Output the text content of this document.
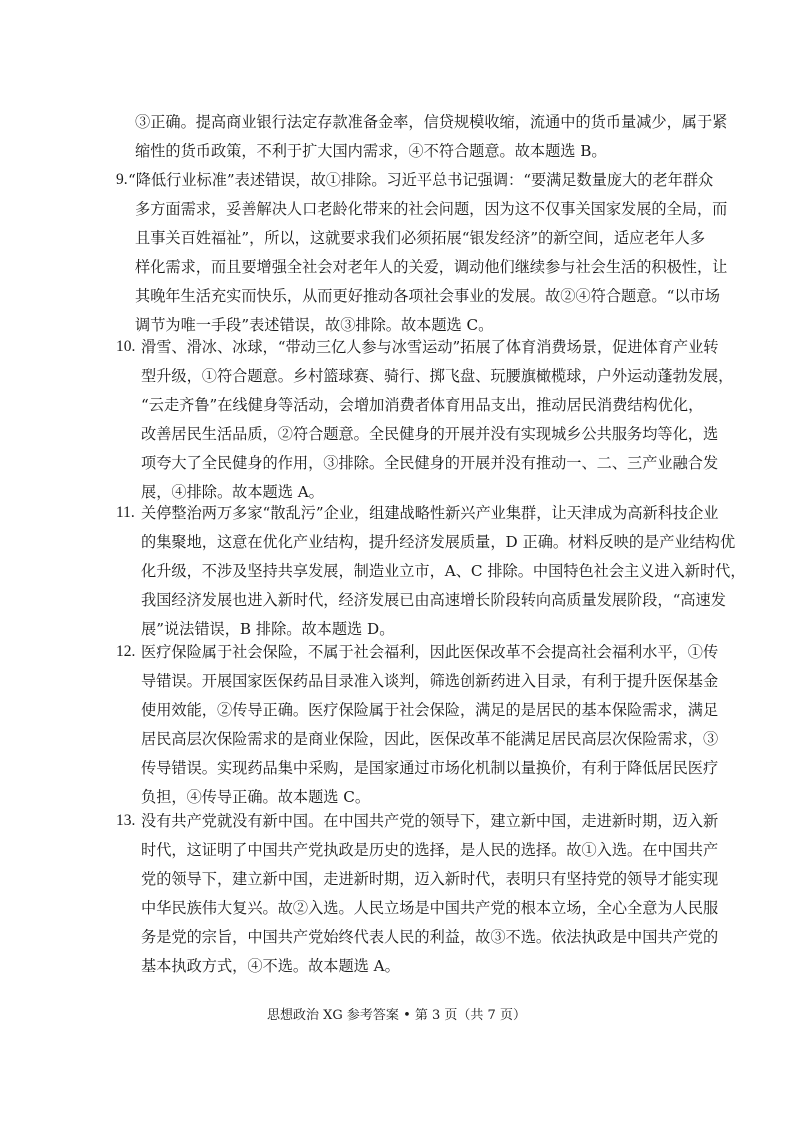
③正确。提高商业银行法定存款准备金率，信贷规模收缩，流通中的货币量减少，属于紧
缩性的货币政策，不利于扩大国内需求，④不符合题意。故本题选 B。
9. “降低行业标准”表述错误，故①排除。习近平总书记强调：“要满足数量庞大的老年群众
多方面需求，妥善解决人口老龄化带来的社会问题，因为这不仅事关国家发展的全局，而
且事关百姓福祉”，所以，这就要求我们必须拓展“银发经济”的新空间，适应老年人多
样化需求，而且要增强全社会对老年人的关爱，调动他们继续参与社会生活的积极性，让
其晚年生活充实而快乐，从而更好推动各项社会事业的发展。故②④符合题意。“以市场
调节为唯一手段”表述错误，故③排除。故本题选 C。
10. 滑雪、滑冰、冰球，“带动三亿人参与冰雪运动”拓展了体育消费场景，促进体育产业转
型升级，①符合题意。乡村篮球赛、骑行、掷飞盘、玩腰旗橄榄球，户外运动蓬勃发展，
“云走齐鲁”在线健身等活动，会增加消费者体育用品支出，推动居民消费结构优化，
改善居民生活品质，②符合题意。全民健身的开展并没有实现城乡公共服务均等化，选
项夸大了全民健身的作用，③排除。全民健身的开展并没有推动一、二、三产业融合发
展，④排除。故本题选 A。
11. 关停整治两万多家“散乱污”企业，组建战略性新兴产业集群，让天津成为高新科技企业
的集聚地，这意在优化产业结构，提升经济发展质量，D 正确。材料反映的是产业结构优
化升级，不涉及坚持共享发展，制造业立市，A、C 排除。中国特色社会主义进入新时代，
我国经济发展也进入新时代，经济发展已由高速增长阶段转向高质量发展阶段，“高速发
展”说法错误，B 排除。故本题选 D。
12. 医疗保险属于社会保险，不属于社会福利，因此医保改革不会提高社会福利水平，①传
导错误。开展国家医保药品目录准入谈判，筛选创新药进入目录，有利于提升医保基金
使用效能，②传导正确。医疗保险属于社会保险，满足的是居民的基本保险需求，满足
居民高层次保险需求的是商业保险，因此，医保改革不能满足居民高层次保险需求，③
传导错误。实现药品集中采购，是国家通过市场化机制以量换价，有利于降低居民医疗
负担，④传导正确。故本题选 C。
13. 没有共产党就没有新中国。在中国共产党的领导下，建立新中国，走进新时期，迈入新
时代，这证明了中国共产党执政是历史的选择，是人民的选择。故①入选。在中国共产
党的领导下，建立新中国，走进新时期，迈入新时代，表明只有坚持党的领导才能实现
中华民族伟大复兴。故②入选。人民立场是中国共产党的根本立场，全心全意为人民服
务是党的宗旨，中国共产党始终代表人民的利益，故③不选。依法执政是中国共产党的
基本执政方式，④不选。故本题选 A。
思想政治 XG 参考答案 • 第 3 页（共 7 页）
